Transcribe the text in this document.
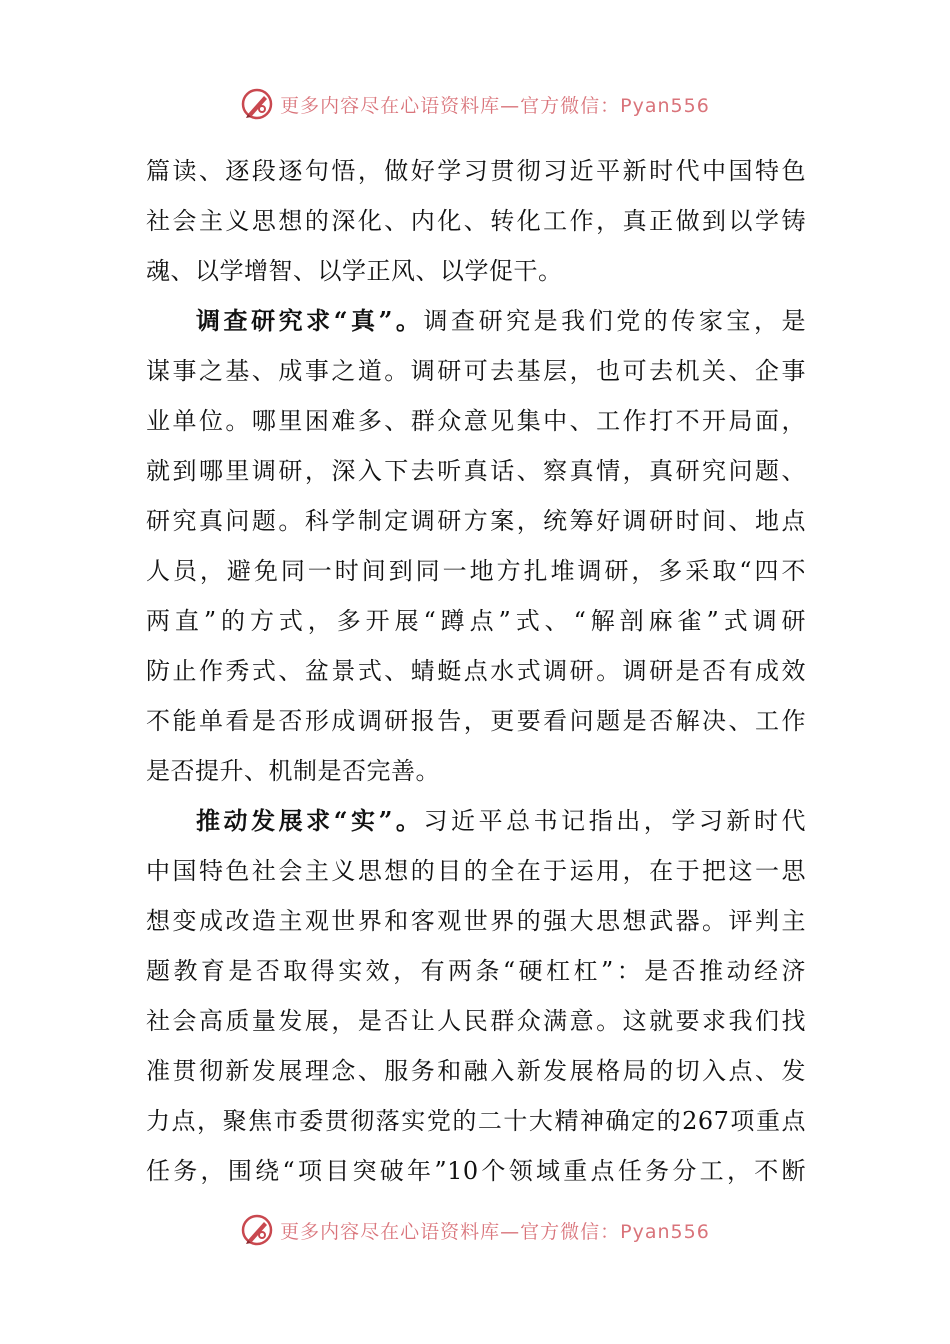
更多内容尽在心语资料库—官方微信：Pyan556
篇读、逐段逐句悟，做好学习贯彻习近平新时代中国特色
社会主义思想的深化、内化、转化工作，真正做到以学铸
魂、以学增智、以学正风、以学促干。
调查研究求“真”。调查研究是我们党的传家宝，是
谋事之基、成事之道。调研可去基层，也可去机关、企事
业单位。哪里困难多、群众意见集中、工作打不开局面，
就到哪里调研，深入下去听真话、察真情，真研究问题、
研究真问题。科学制定调研方案，统筹好调研时间、地点
人员，避免同一时间到同一地方扎堆调研，多采取“四不
两直”的方式，多开展“蹲点”式、“解剖麻雀”式调研
防止作秀式、盆景式、蜻蜓点水式调研。调研是否有成效
不能单看是否形成调研报告，更要看问题是否解决、工作
是否提升、机制是否完善。
推动发展求“实”。习近平总书记指出，学习新时代
中国特色社会主义思想的目的全在于运用，在于把这一思
想变成改造主观世界和客观世界的强大思想武器。评判主
题教育是否取得实效，有两条“硬杠杠”：是否推动经济
社会高质量发展，是否让人民群众满意。这就要求我们找
准贯彻新发展理念、服务和融入新发展格局的切入点、发
力点，聚焦市委贯彻落实党的二十大精神确定的267项重点
任务，围绕“项目突破年”10个领域重点任务分工，不断
更多内容尽在心语资料库—官方微信：Pyan556
